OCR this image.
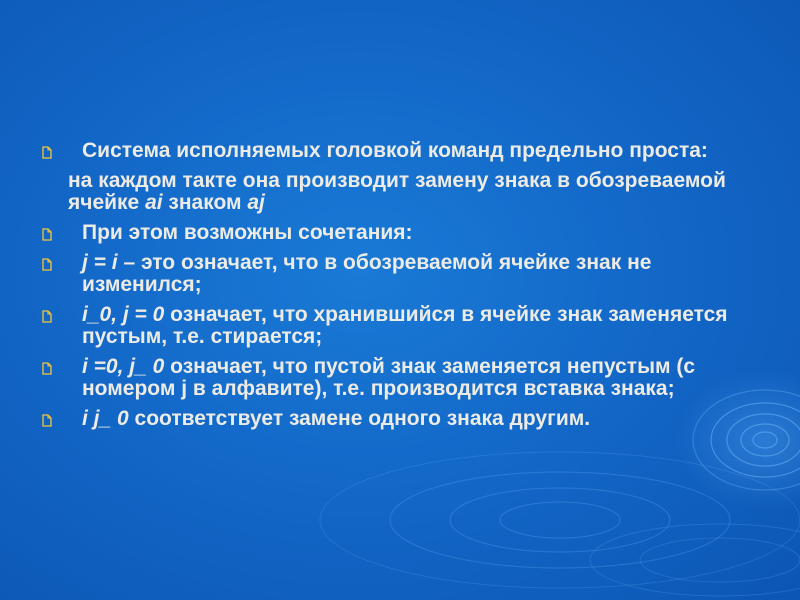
Система исполняемых головкой команд предельно проста:
на каждом такте она производит замену знака в обозреваемой ячейке ai знаком aj
При этом возможны сочетания:
j = i – это означает, что в обозреваемой ячейке знак не изменился;
i_0, j = 0 означает, что хранившийся в ячейке знак заменяется пустым, т.е. стирается;
i =0, j_ 0 означает, что пустой знак заменяется непустым (с номером j в алфавите), т.е. производится вставка знака;
i j_ 0 соответствует замене одного знака другим.
